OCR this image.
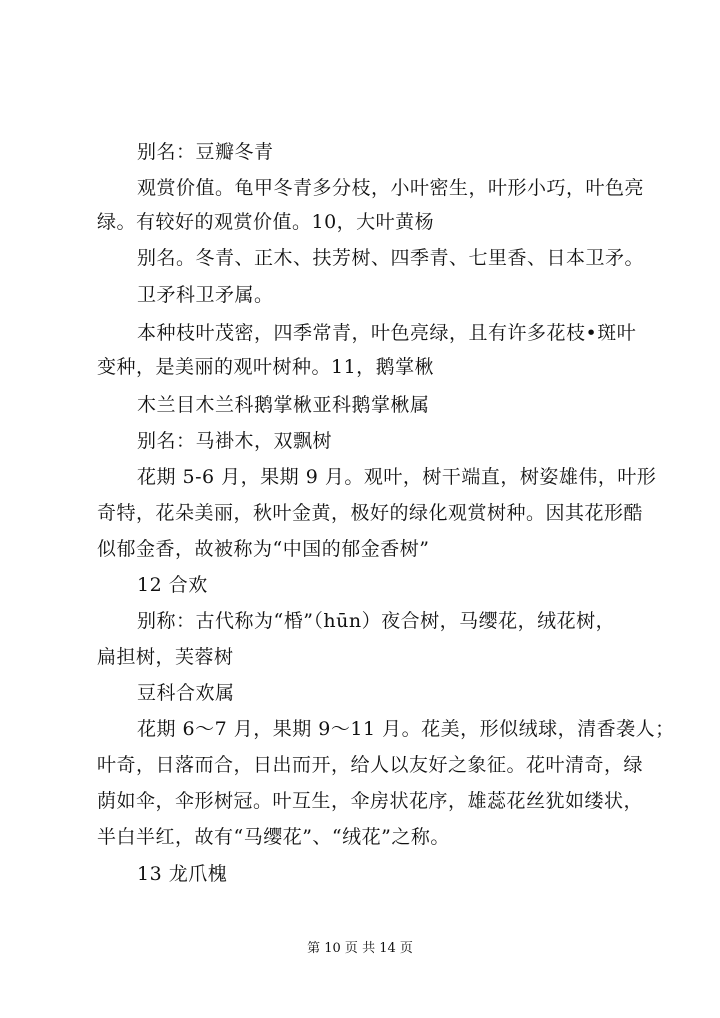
别名：豆瓣冬青
观赏价值。龟甲冬青多分枝，小叶密生，叶形小巧，叶色亮
绿。有较好的观赏价值。10，大叶黄杨
别名。冬青、正木、扶芳树、四季青、七里香、日本卫矛。
卫矛科卫矛属。
本种枝叶茂密，四季常青，叶色亮绿，且有许多花枝•斑叶
变种，是美丽的观叶树种。11，鹅掌楸
木兰目木兰科鹅掌楸亚科鹅掌楸属
别名：马褂木，双飘树
花期 5-6 月，果期 9 月。观叶，树干端直，树姿雄伟，叶形
奇特，花朵美丽，秋叶金黄，极好的绿化观赏树种。因其花形酷
似郁金香，故被称为“中国的郁金香树”
12 合欢
别称：古代称为“棔”（hūn）夜合树，马缨花，绒花树，
扁担树，芙蓉树
豆科合欢属
花期 6～7 月，果期 9～11 月。花美，形似绒球，清香袭人；
叶奇，日落而合，日出而开，给人以友好之象征。花叶清奇，绿
荫如伞，伞形树冠。叶互生，伞房状花序，雄蕊花丝犹如缕状，
半白半红，故有“马缨花”、“绒花”之称。
13 龙爪槐
第 10 页 共 14 页
